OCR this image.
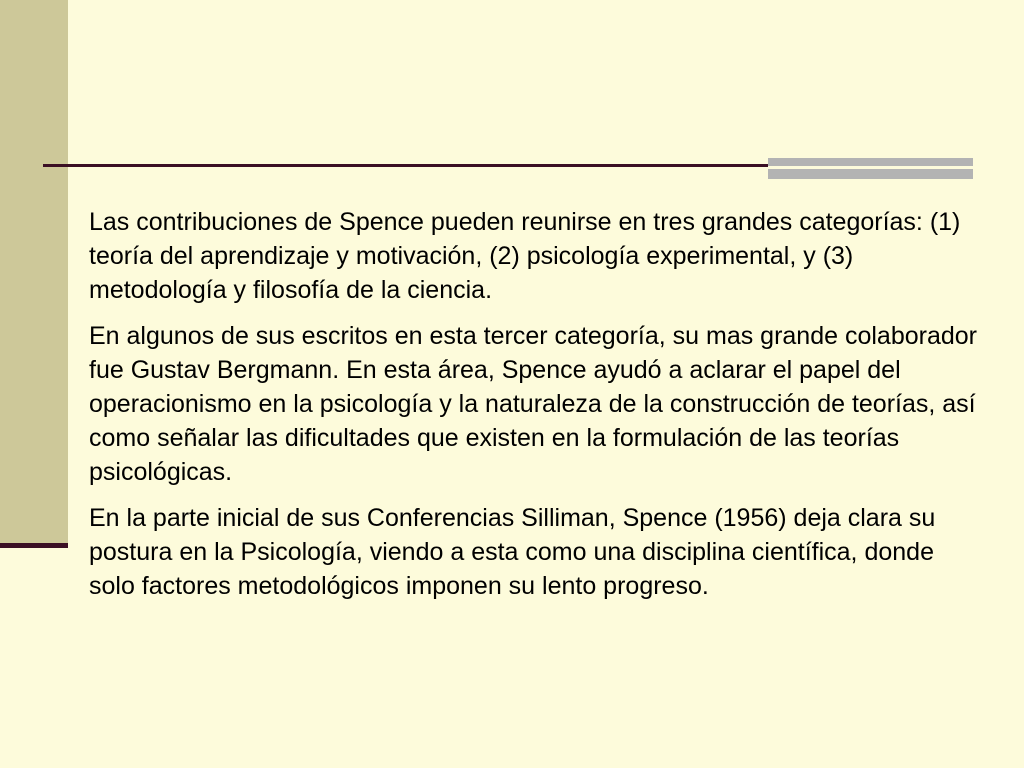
Las contribuciones de Spence pueden reunirse en tres grandes categorías: (1) teoría del aprendizaje y motivación, (2) psicología experimental, y (3) metodología y filosofía de la ciencia.

En algunos de sus escritos en esta tercer categoría, su mas grande colaborador fue Gustav Bergmann. En esta área, Spence ayudó a aclarar el papel del operacionismo en la psicología y la naturaleza de la construcción de teorías, así como señalar las dificultades que existen en la formulación de las teorías psicológicas.

En la parte inicial de sus Conferencias Silliman, Spence (1956) deja clara su postura en la Psicología, viendo a esta como una disciplina científica, donde solo factores metodológicos imponen su lento progreso.
